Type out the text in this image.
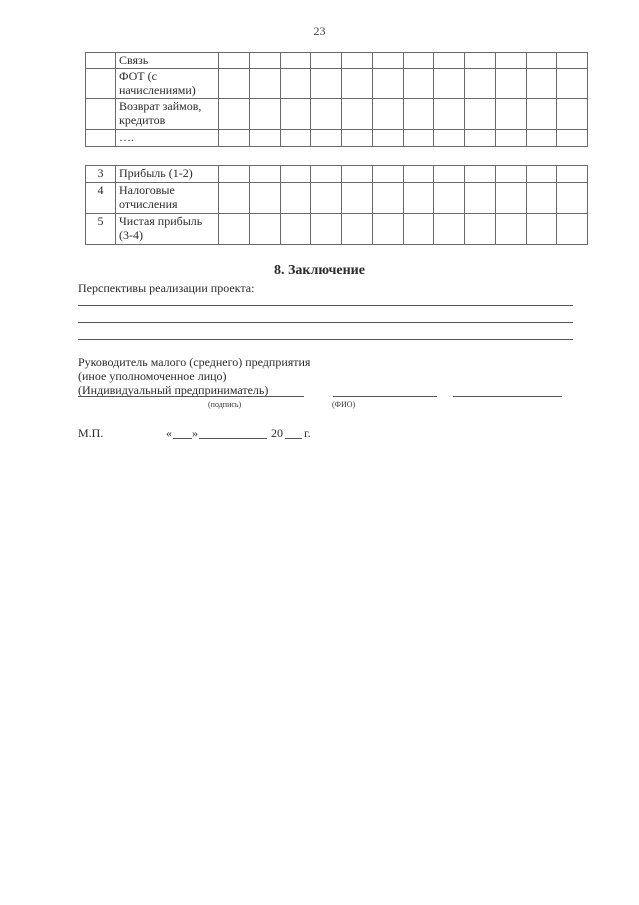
23
	Связь												
	ФОТ (с начислениями)												
	Возврат займов, кредитов												
	….												
3	Прибыль (1-2)												
4	Налоговые отчисления												
5	Чистая прибыль (3-4)												
8. Заключение
Перспективы реализации проекта:
Руководитель малого (среднего) предприятия
(иное уполномоченное лицо)
(Индивидуальный предприниматель)
(подпись)	(ФИО)
М.П.	« »	20 г.
